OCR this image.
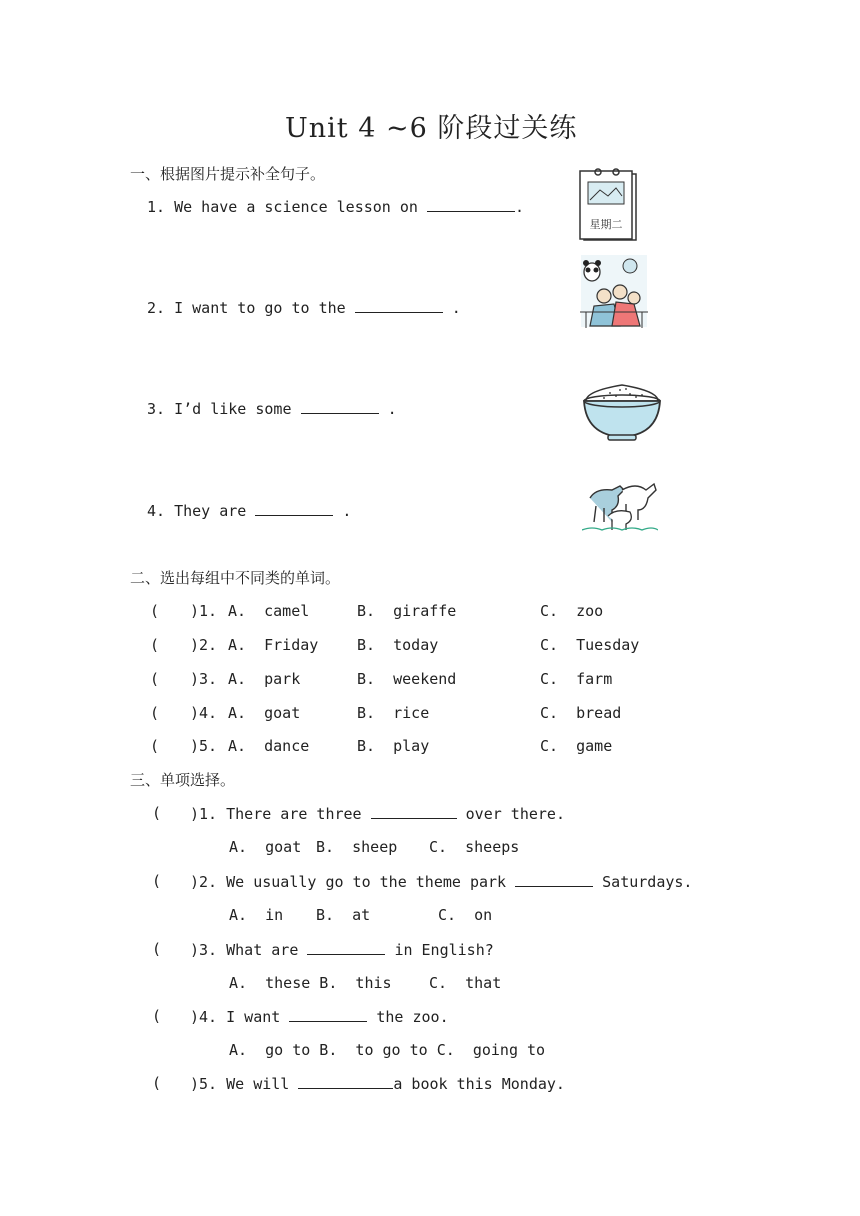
Unit 4 ~6 阶段过关练
一、根据图片提示补全句子。
1. We have a science lesson on	.
2. I want to go to the	.
3. I’d like some	.
4. They are	.
星期二
二、选出每组中不同类的单词。
( )1. A.  camel	B.  giraffe	C.  zoo
( )2. A.  Friday	B.  today	C.  Tuesday
( )3. A.  park	B.  weekend	C.  farm
( )4. A.  goat	B.  rice	C.  bread
( )5. A.  dance	B.  play	C.  game
三、单项选择。
( )1. There are three	over there.
A.  goat B.  sheep C.  sheeps
( )2. We usually go to the theme park	Saturdays.
A.  in B.  at	C.  on
( )3. What are	in English?
A.  these B.  this C.  that
( )4. I want	the zoo.
A.  go to B.  to go to C.  going to
( )5. We will	a book this Monday.
